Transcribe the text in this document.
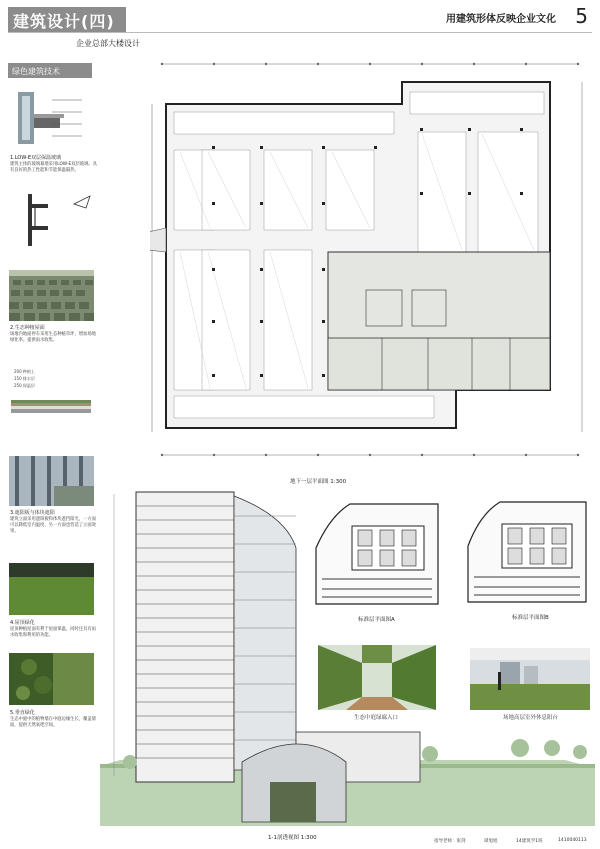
建筑设计(四)	用建筑形体反映企业文化 5
企业总部大楼设计
绿色建筑技术
1.LOW-E双层保温玻璃
建筑主体的玻璃幕墙采用LOW-E双层玻璃。具有良好的热工性能和节能保温隔热。
2.生态种植屋面
场地内地面停车采用生态种植草坪，增加场地绿化率。提供雨水收集。
200 种植土
150 排水层
250 保温层
3.遮阳板与体块遮阳
建筑立面采用遮阳板和体块遮挡阳光，一方面可以降低室内温度，另一方面也营造了立面效果。
4.屋顶绿化
屋顶种植屋面有利于屋面保温，同时还具有雨水收集和利用的功能。
5.垂直绿化
生态中庭中的植物墙在中庭边缘生长，覆盖墙面，提供天然氧吧空间。
地下一层平面图 1:300
标准层平面图A	标准层平面图B
生态中庭绿廊入口	场地高层室外休息阳台
1-1剖透视图 1:300
指导老师：张剑	谭旭旭	14建筑学1班	1410040113
